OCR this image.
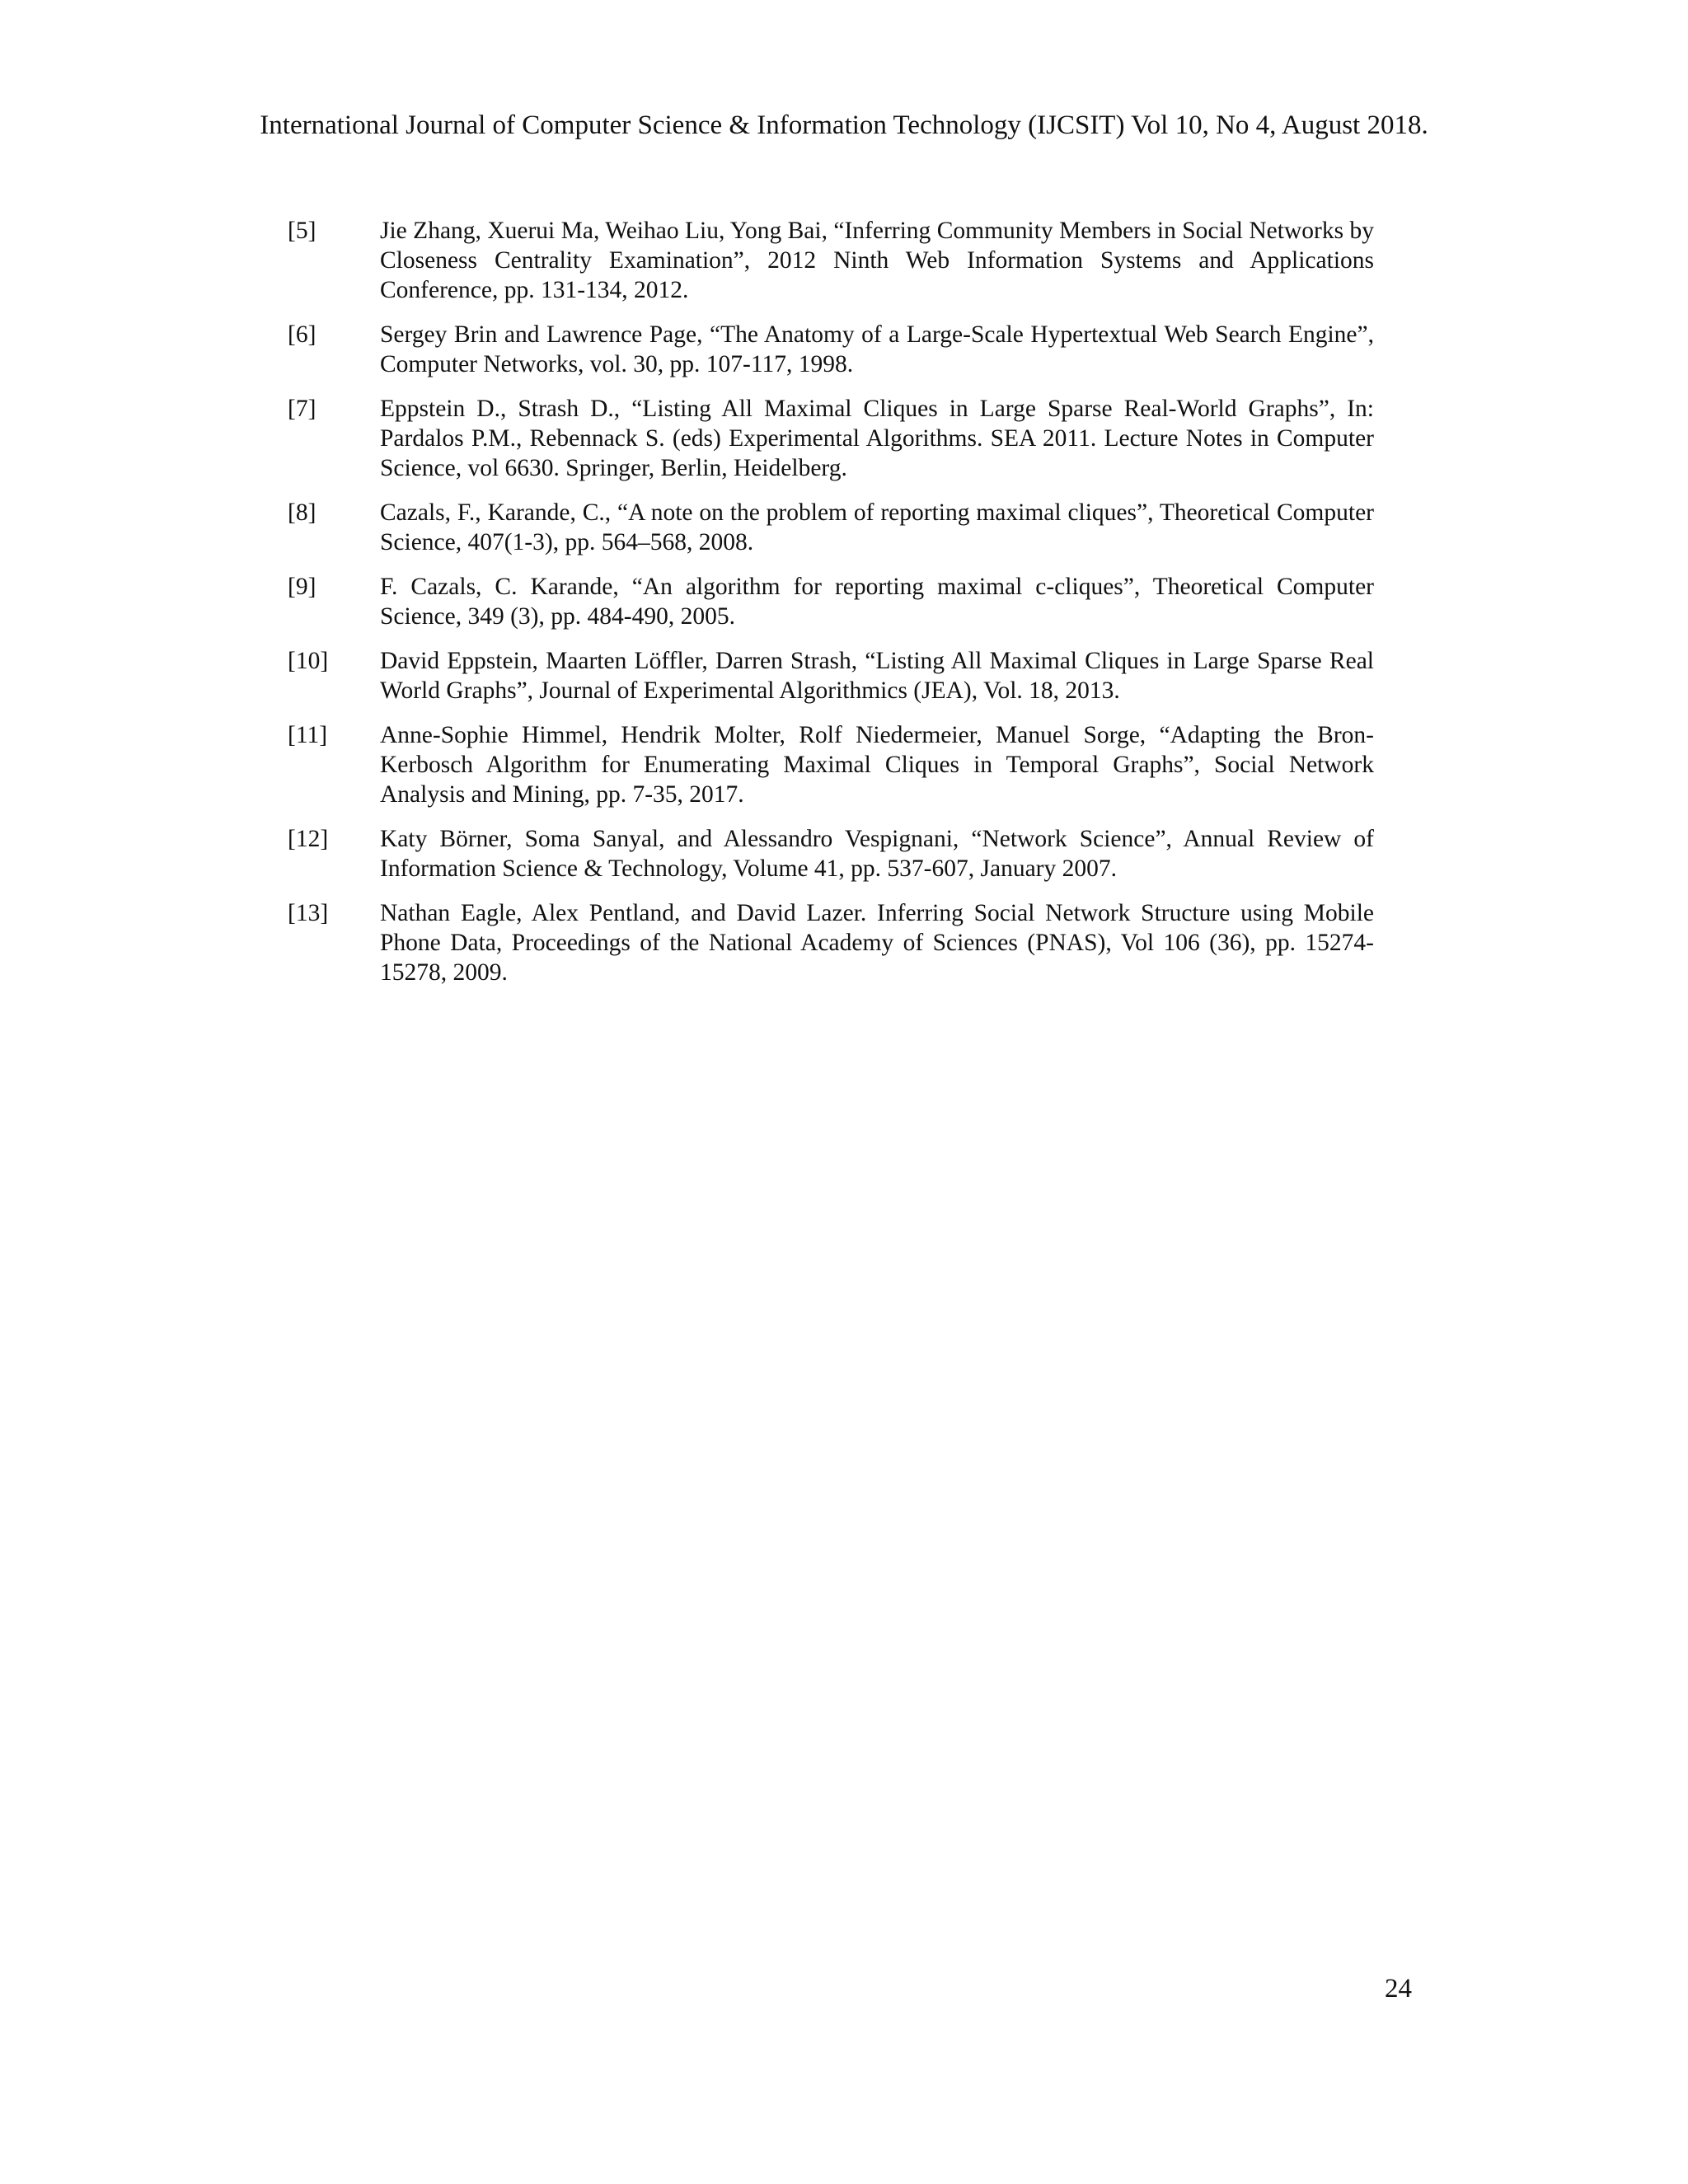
International Journal of Computer Science & Information Technology (IJCSIT) Vol 10, No 4, August 2018.
[5]	Jie Zhang, Xuerui Ma, Weihao Liu, Yong Bai, “Inferring Community Members in Social Networks by Closeness Centrality Examination”, 2012 Ninth Web Information Systems and Applications Conference, pp. 131-134, 2012.
[6]	Sergey Brin and Lawrence Page, “The Anatomy of a Large-Scale Hypertextual Web Search Engine”, Computer Networks, vol. 30, pp. 107-117, 1998.
[7]	Eppstein D., Strash D., “Listing All Maximal Cliques in Large Sparse Real-World Graphs”, In: Pardalos P.M., Rebennack S. (eds) Experimental Algorithms. SEA 2011. Lecture Notes in Computer Science, vol 6630. Springer, Berlin, Heidelberg.
[8]	Cazals, F., Karande, C., “A note on the problem of reporting maximal cliques”, Theoretical Computer Science, 407(1-3), pp. 564–568, 2008.
[9]	F. Cazals, C. Karande, “An algorithm for reporting maximal c-cliques”, Theoretical Computer Science, 349 (3), pp. 484-490, 2005.
[10]	David Eppstein, Maarten Löffler, Darren Strash, “Listing All Maximal Cliques in Large Sparse Real World Graphs”, Journal of Experimental Algorithmics (JEA), Vol. 18, 2013.
[11]	Anne-Sophie Himmel, Hendrik Molter, Rolf Niedermeier, Manuel Sorge, “Adapting the Bron-Kerbosch Algorithm for Enumerating Maximal Cliques in Temporal Graphs”, Social Network Analysis and Mining, pp. 7-35, 2017.
[12]	Katy Börner, Soma Sanyal, and Alessandro Vespignani, “Network Science”, Annual Review of Information Science & Technology, Volume 41, pp. 537-607, January 2007.
[13]	Nathan Eagle, Alex Pentland, and David Lazer. Inferring Social Network Structure using Mobile Phone Data, Proceedings of the National Academy of Sciences (PNAS), Vol 106 (36), pp. 15274-15278, 2009.
24
